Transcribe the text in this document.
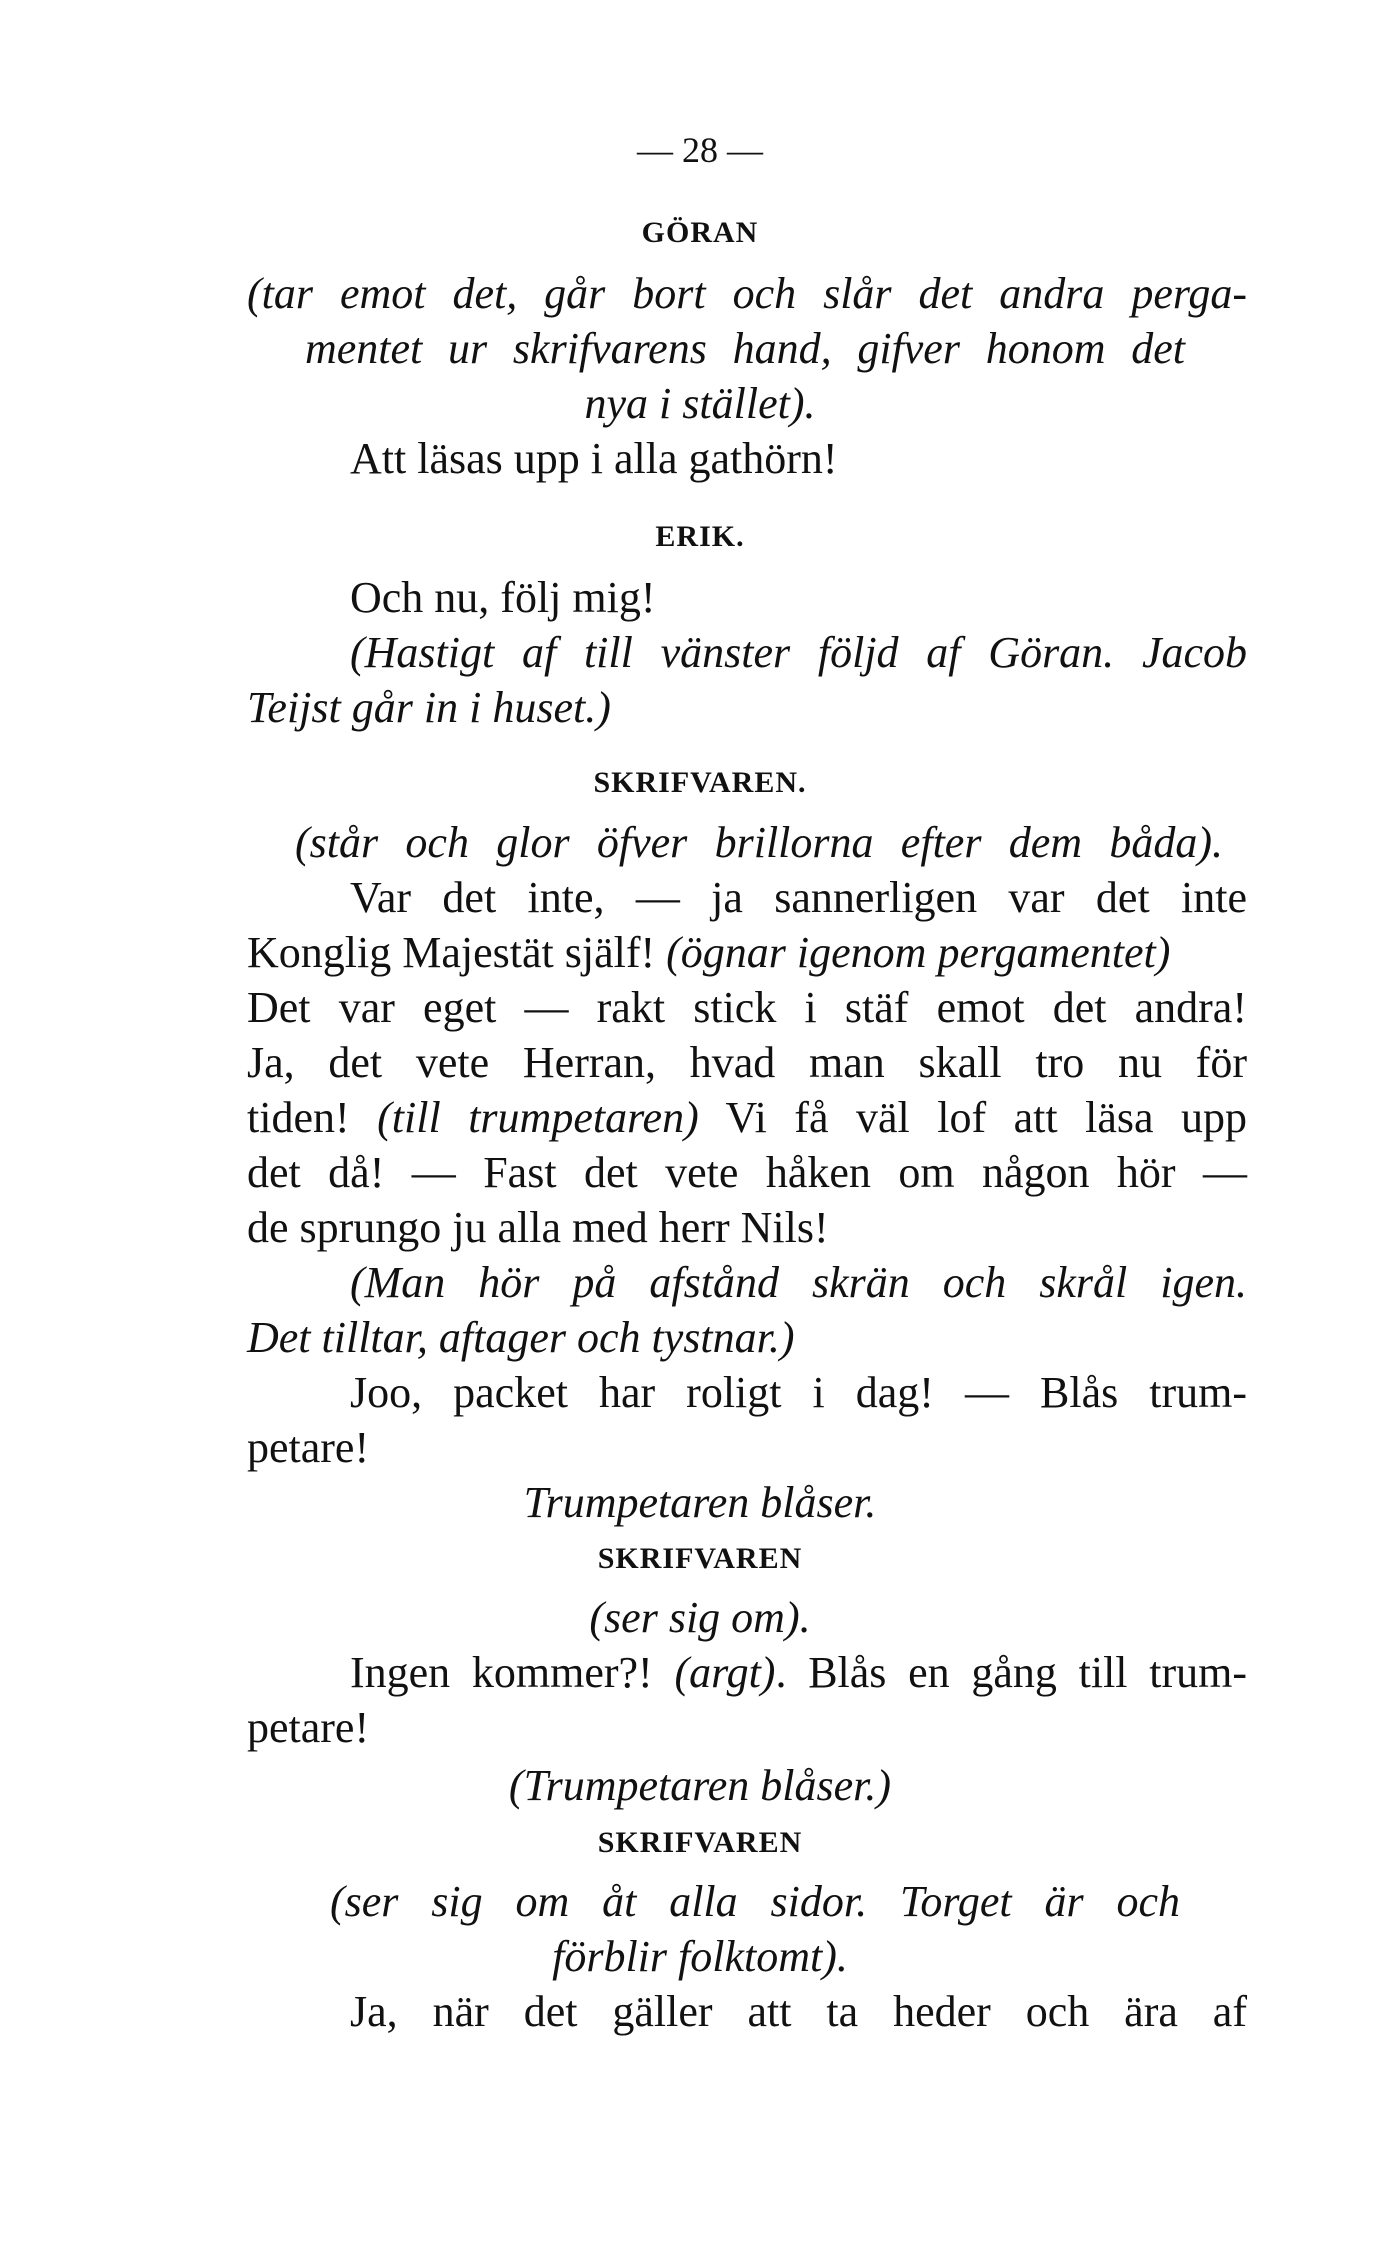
— 28 —
GÖRAN
(tar emot det, går bort och slår det andra perga-
mentet ur skrifvarens hand, gifver honom det
nya i stället).
Att läsas upp i alla gathörn!
ERIK.
Och nu, följ mig!
(Hastigt af till vänster följd af Göran. Jacob
Teijst går in i huset.)
SKRIFVAREN.
(står och glor öfver brillorna efter dem båda).
Var det inte, — ja sannerligen var det inte
Konglig Majestät själf! (ögnar igenom pergamentet)
Det var eget — rakt stick i stäf emot det andra!
Ja, det vete Herran, hvad man skall tro nu för
tiden! (till trumpetaren) Vi få väl lof att läsa upp
det då! — Fast det vete håken om någon hör —
de sprungo ju alla med herr Nils!
(Man hör på afstånd skrän och skrål igen.
Det tilltar, aftager och tystnar.)
Joo, packet har roligt i dag! — Blås trum-
petare!
Trumpetaren blåser.
SKRIFVAREN
(ser sig om).
Ingen kommer?! (argt). Blås en gång till trum-
petare!
(Trumpetaren blåser.)
SKRIFVAREN
(ser sig om åt alla sidor. Torget är och
förblir folktomt).
Ja, när det gäller att ta heder och ära af
